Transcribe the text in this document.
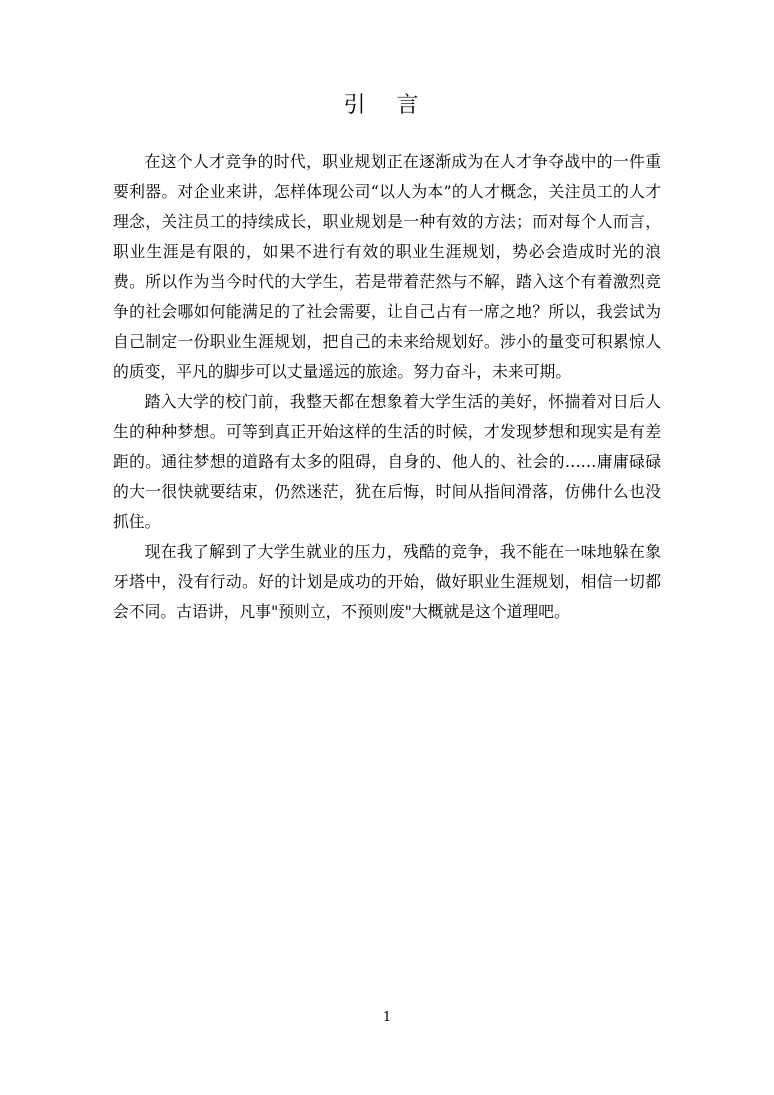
引 言

在这个人才竞争的时代，职业规划正在逐渐成为在人才争夺战中的一件重要利器。对企业来讲，怎样体现公司“以人为本”的人才概念，关注员工的人才理念，关注员工的持续成长，职业规划是一种有效的方法；而对每个人而言，职业生涯是有限的，如果不进行有效的职业生涯规划，势必会造成时光的浪费。所以作为当今时代的大学生，若是带着茫然与不解，踏入这个有着激烈竞争的社会哪如何能满足的了社会需要，让自己占有一席之地？所以，我尝试为自己制定一份职业生涯规划，把自己的未来给规划好。涉小的量变可积累惊人的质变，平凡的脚步可以丈量遥远的旅途。努力奋斗，未来可期。

踏入大学的校门前，我整天都在想象着大学生活的美好，怀揣着对日后人生的种种梦想。可等到真正开始这样的生活的时候，才发现梦想和现实是有差距的。通往梦想的道路有太多的阻碍，自身的、他人的、社会的……庸庸碌碌的大一很快就要结束，仍然迷茫，犹在后悔，时间从指间滑落，仿佛什么也没抓住。

现在我了解到了大学生就业的压力，残酷的竞争，我不能在一味地躲在象牙塔中，没有行动。好的计划是成功的开始，做好职业生涯规划，相信一切都会不同。古语讲，凡事"预则立，不预则废"大概就是这个道理吧。

1
